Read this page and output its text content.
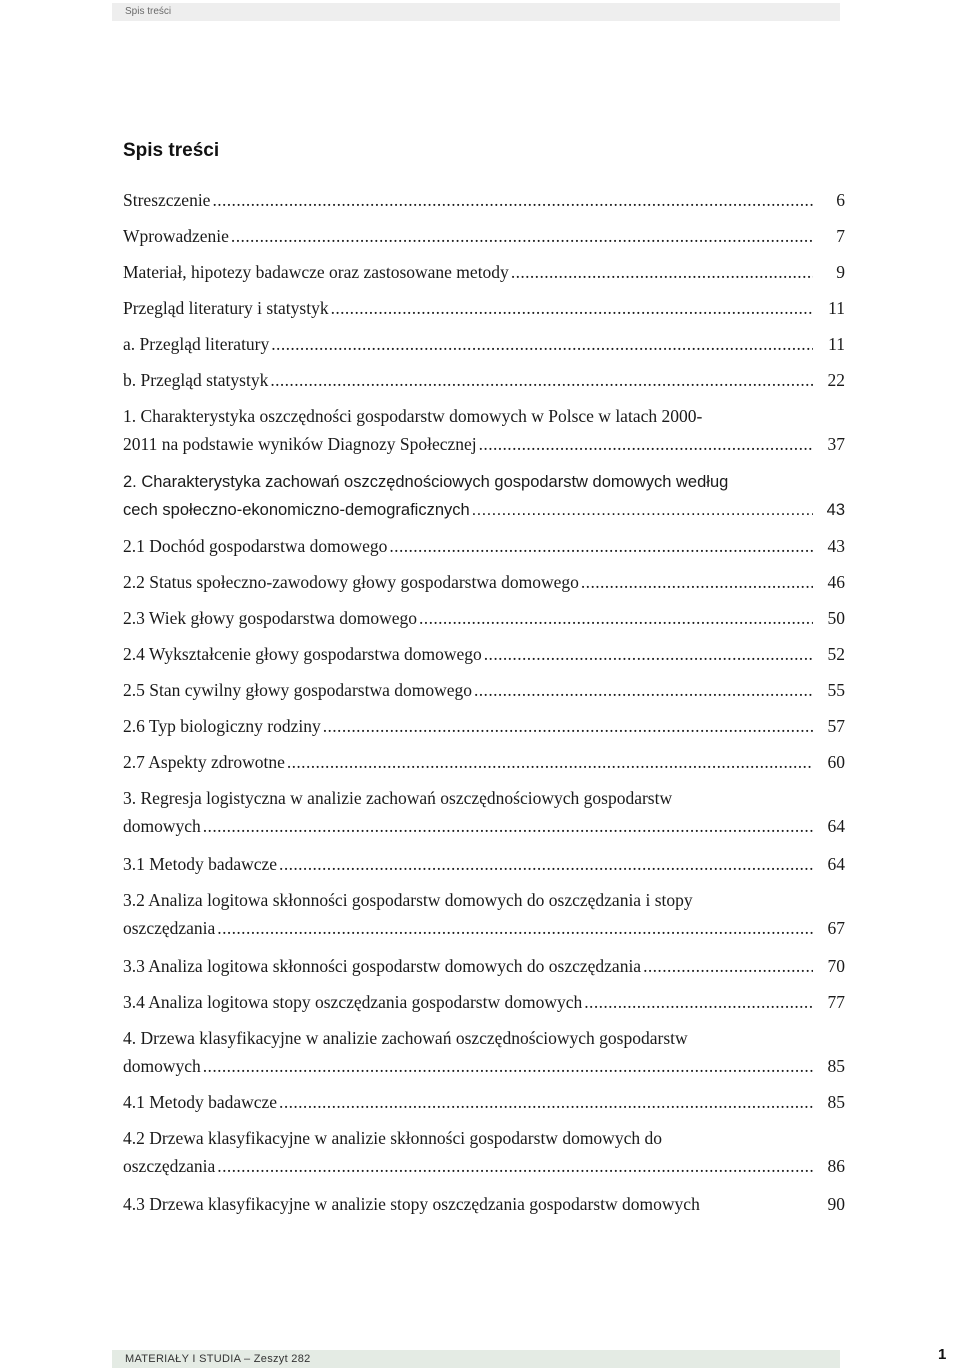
Spis treści
Spis treści
Streszczenie .....	6
Wprowadzenie .....	7
Materiał, hipotezy badawcze oraz zastosowane metody .....	9
Przegląd literatury i statystyk .....	11
a. Przegląd literatury .....	11
b. Przegląd statystyk .....	22
1. Charakterystyka oszczędności gospodarstw domowych w Polsce w latach 2000-
2011 na podstawie wyników Diagnozy Społecznej .....	37
2. Charakterystyka zachowań oszczędnościowych gospodarstw domowych według
cech społeczno-ekonomiczno-demograficznych .....	43
2.1 Dochód gospodarstwa domowego .....	43
2.2 Status społeczno-zawodowy głowy gospodarstwa domowego .....	46
2.3 Wiek głowy gospodarstwa domowego .....	50
2.4 Wykształcenie głowy gospodarstwa domowego .....	52
2.5 Stan cywilny głowy gospodarstwa domowego .....	55
2.6 Typ biologiczny rodziny .....	57
2.7 Aspekty zdrowotne .....	60
3. Regresja logistyczna w analizie zachowań oszczędnościowych gospodarstw
domowych .....	64
3.1 Metody badawcze .....	64
3.2 Analiza logitowa skłonności gospodarstw domowych do oszczędzania i stopy
oszczędzania .....	67
3.3 Analiza logitowa skłonności gospodarstw domowych do oszczędzania .....	70
3.4 Analiza logitowa stopy oszczędzania gospodarstw domowych .....	77
4. Drzewa klasyfikacyjne w analizie zachowań oszczędnościowych gospodarstw
domowych .....	85
4.1 Metody badawcze .....	85
4.2 Drzewa klasyfikacyjne w analizie skłonności gospodarstw domowych do
oszczędzania .....	86
4.3 Drzewa klasyfikacyjne w analizie stopy oszczędzania gospodarstw domowych	90
MATERIAŁY I STUDIA – Zeszyt 282	1
